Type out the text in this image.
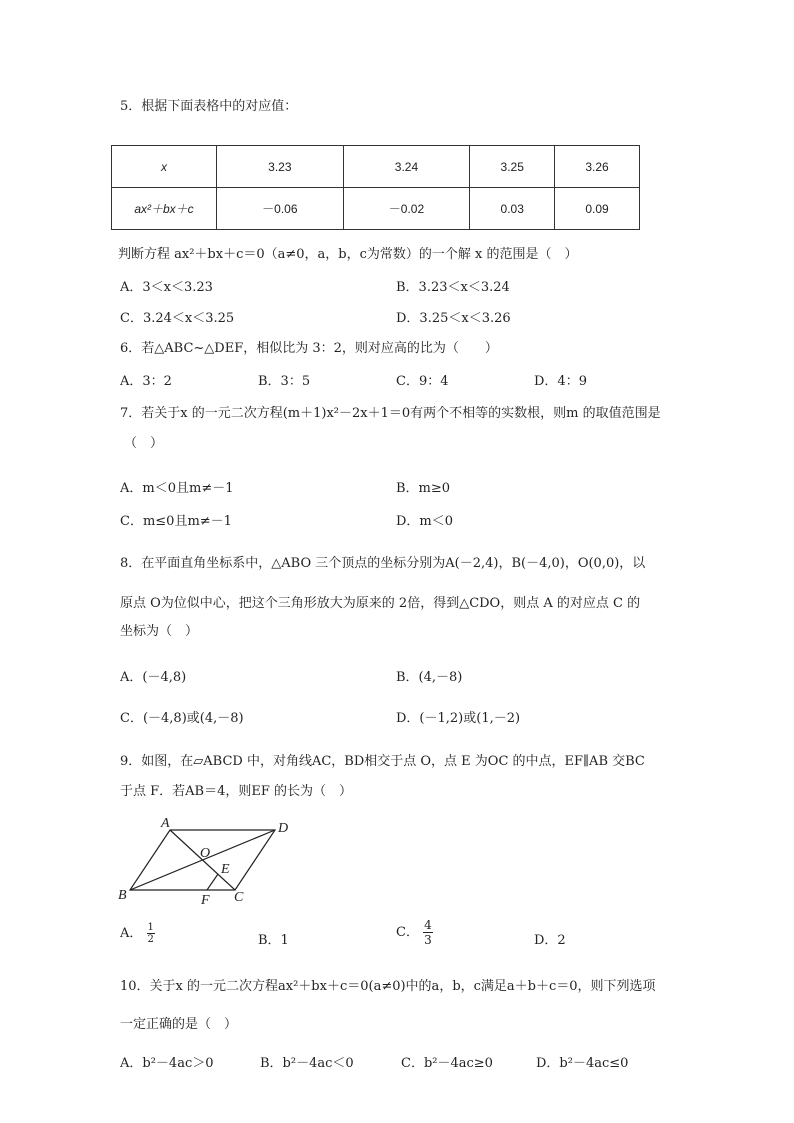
5．根据下面表格中的对应值：
x	3.23	3.24	3.25	3.26
ax²＋bx＋c	－0.06	－0.02	0.03	0.09
判断方程 ax²＋bx＋c＝0（a≠0，a，b，c为常数）的一个解 x 的范围是（　）
A．3＜x＜3.23	B．3.23＜x＜3.24
C．3.24＜x＜3.25	D．3.25＜x＜3.26
6．若△ABC~△DEF，相似比为 3：2，则对应高的比为（　　）
A．3：2	B．3：5	C．9：4	D．4：9
7．若关于x 的一元二次方程(m＋1)x²－2x＋1＝0有两个不相等的实数根，则m 的取值范围是
（　）
A．m＜0且m≠－1	B．m≥0
C．m≤0且m≠－1	D．m＜0
8．在平面直角坐标系中，△ABO 三个顶点的坐标分别为A(－2,4)，B(－4,0)，O(0,0)，以
原点 O为位似中心，把这个三角形放大为原来的 2倍，得到△CDO，则点 A 的对应点 C 的
坐标为（　）
A．(－4,8)	B．(4,－8)
C．(－4,8)或(4,－8)	D．(－1,2)或(1,－2)
9．如图，在▱ABCD 中，对角线AC，BD相交于点 O，点 E 为OC 的中点，EF∥AB 交BC
于点 F．若AB＝4，则EF 的长为（　）
A	D
O
E
B	F C
A． $\frac{1}{2}$	B．1
C． $\frac{4}{3}$	D．2
10．关于x 的一元二次方程ax²＋bx＋c＝0(a≠0)中的a，b，c满足a＋b＋c＝0，则下列选项
一定正确的是（　）
A．b²－4ac＞0	B．b²－4ac＜0	C．b²－4ac≥0	D．b²－4ac≤0
